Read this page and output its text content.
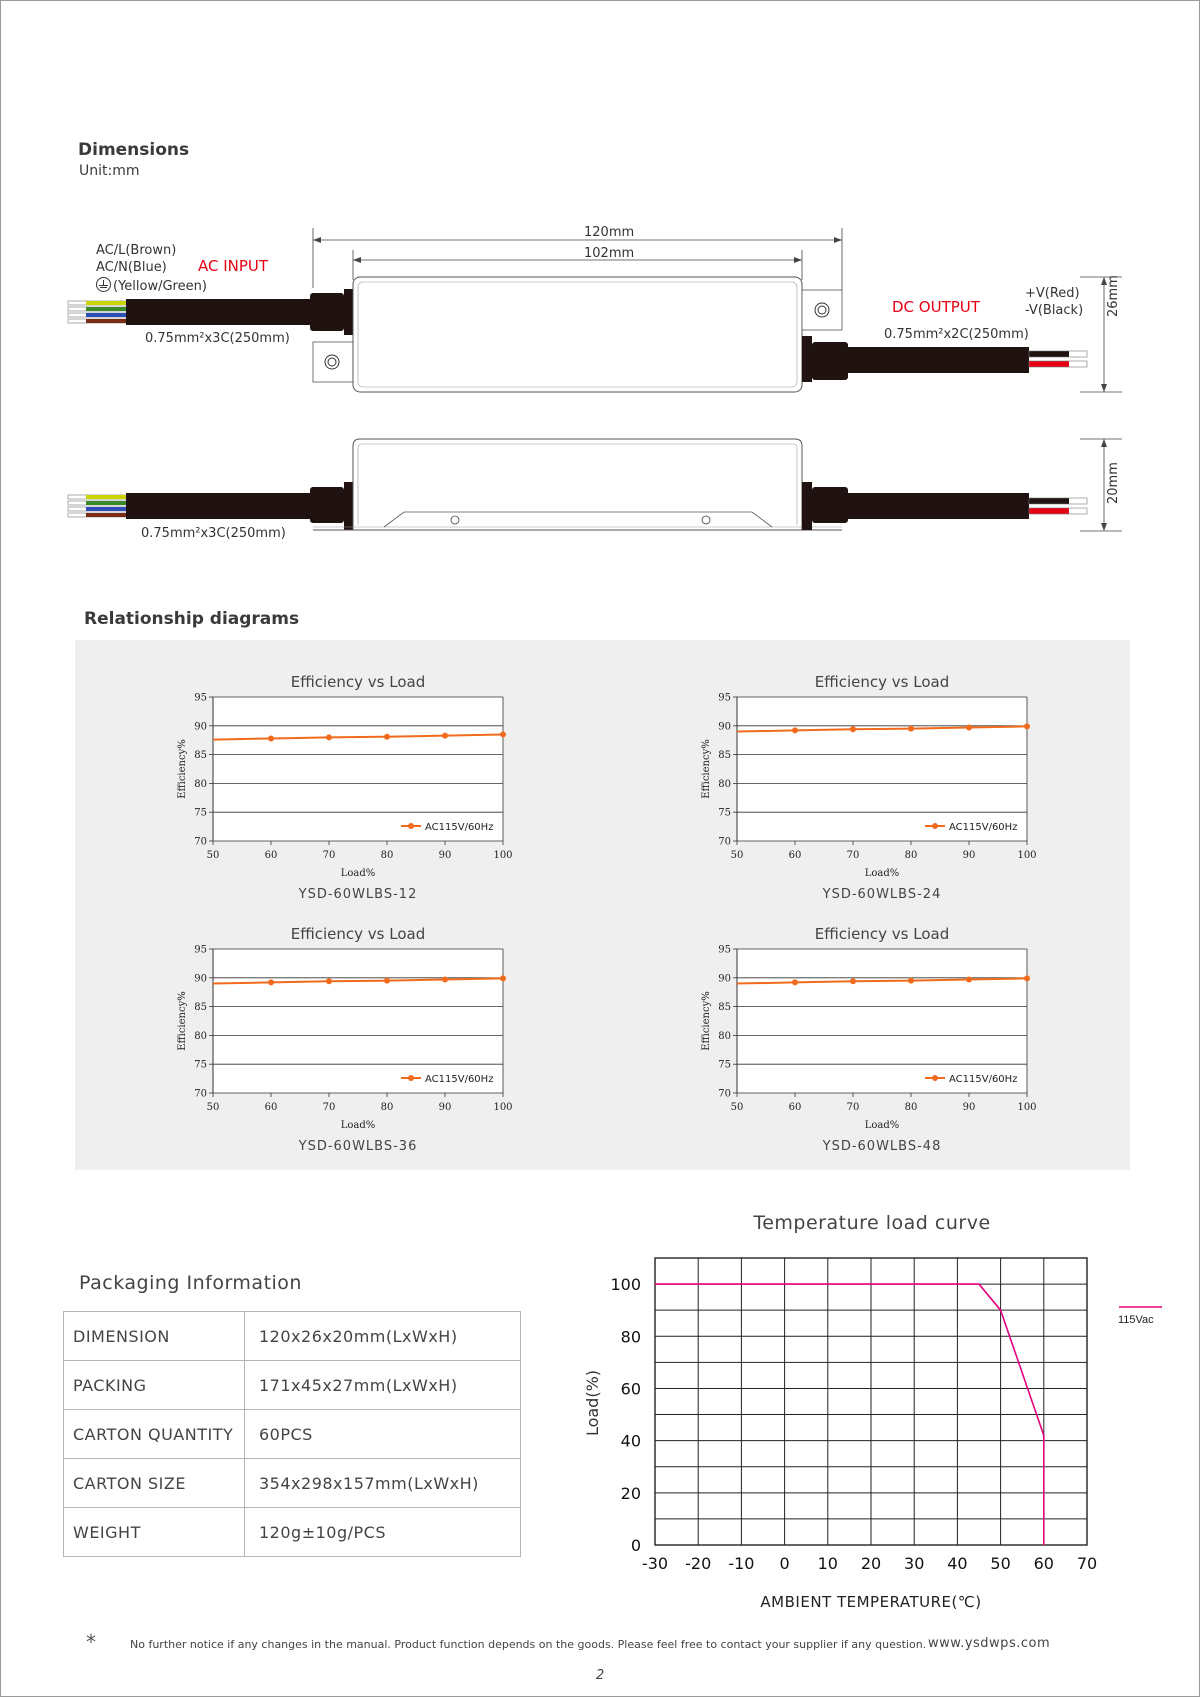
Dimensions
Unit:mm
AC/L(Brown)
AC/N(Blue)
(Yellow/Green)
AC INPUT
0.75mm²x3C(250mm)
120mm
102mm
DC OUTPUT
+V(Red)
-V(Black)
0.75mm²x2C(250mm)
26mm
0.75mm²x3C(250mm)
20mm
Relationship diagrams
70
75
80
85
90
95
50	60	70	80	90	100
Efficiency vs Load
Load%
Efficiency%
YSD-60WLBS-12
AC115V/60Hz
70
75
80
85
90
95
50	60	70	80	90	100
Efficiency vs Load
Load%
Efficiency%
YSD-60WLBS-24
AC115V/60Hz
70
75
80
85
90
95
50	60	70	80	90	100
Efficiency vs Load
Load%
Efficiency%
YSD-60WLBS-36
AC115V/60Hz
70
75
80
85
90
95
50	60	70	80	90	100
Efficiency vs Load
Load%
Efficiency%
YSD-60WLBS-48
AC115V/60Hz
Packaging Information
DIMENSION	120x26x20mm(LxWxH)
PACKING	171x45x27mm(LxWxH)
CARTON QUANTITY	60PCS
CARTON SIZE	354x298x157mm(LxWxH)
WEIGHT	120g±10g/PCS
Temperature load curve
-30 -20 -10 0 10 20 30 40 50 60 70
0
20
40
60
80
100
AMBIENT TEMPERATURE(℃)
Load(%)
115Vac
*	No further notice if any changes in the manual. Product function depends on the goods. Please feel free to contact your supplier if any question. www.ysdwps.com
2
